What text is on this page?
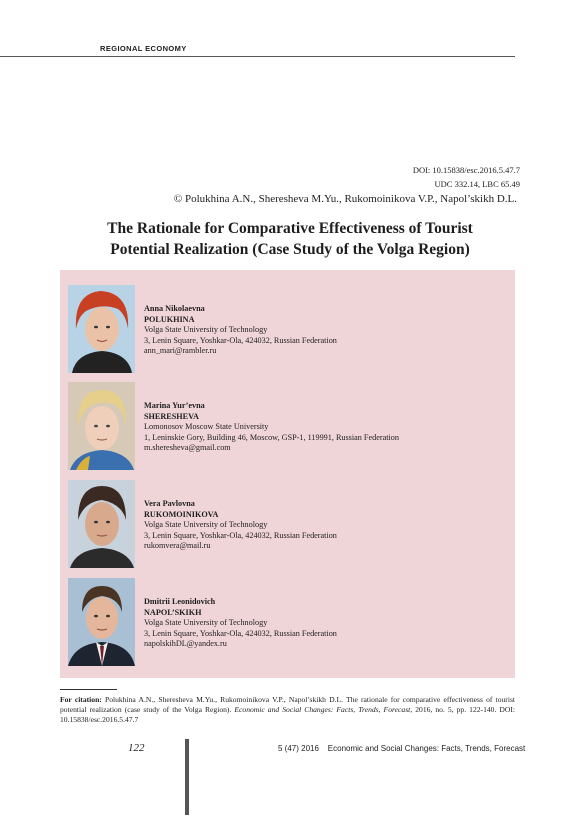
REGIONAL ECONOMY
DOI: 10.15838/esc.2016.5.47.7
UDC 332.14, LBC 65.49
© Polukhina A.N., Sheresheva M.Yu., Rukomoinikova V.P., Napol’skikh D.L.
The Rationale for Comparative Effectiveness of Tourist
Potential Realization (Case Study of the Volga Region)
Anna Nikolaevna
POLUKHINA
Volga State University of Technology
3, Lenin Square, Yoshkar-Ola, 424032, Russian Federation
ann_mari@rambler.ru
Marina Yur’evna
SHERESHEVA
Lomonosov Moscow State University
1, Leninskie Gory, Building 46, Moscow, GSP-1, 119991, Russian Federation
m.sheresheva@gmail.com
Vera Pavlovna
RUKOMOINIKOVA
Volga State University of Technology
3, Lenin Square, Yoshkar-Ola, 424032, Russian Federation
rukomvera@mail.ru
Dmitrii Leonidovich
NAPOL’SKIKH
Volga State University of Technology
3, Lenin Square, Yoshkar-Ola, 424032, Russian Federation
napolskihDL@yandex.ru
For citation: Polukhina A.N., Sheresheva M.Yu., Rukomoinikova V.P., Napol’skikh D.L. The rationale for comparative effectiveness of tourist potential realization (case study of the Volga Region). Economic and Social Changes: Facts, Trends, Forecast, 2016, no. 5, pp. 122-140. DOI: 10.15838/esc.2016.5.47.7
122	5 (47) 2016    Economic and Social Changes: Facts, Trends, Forecast
